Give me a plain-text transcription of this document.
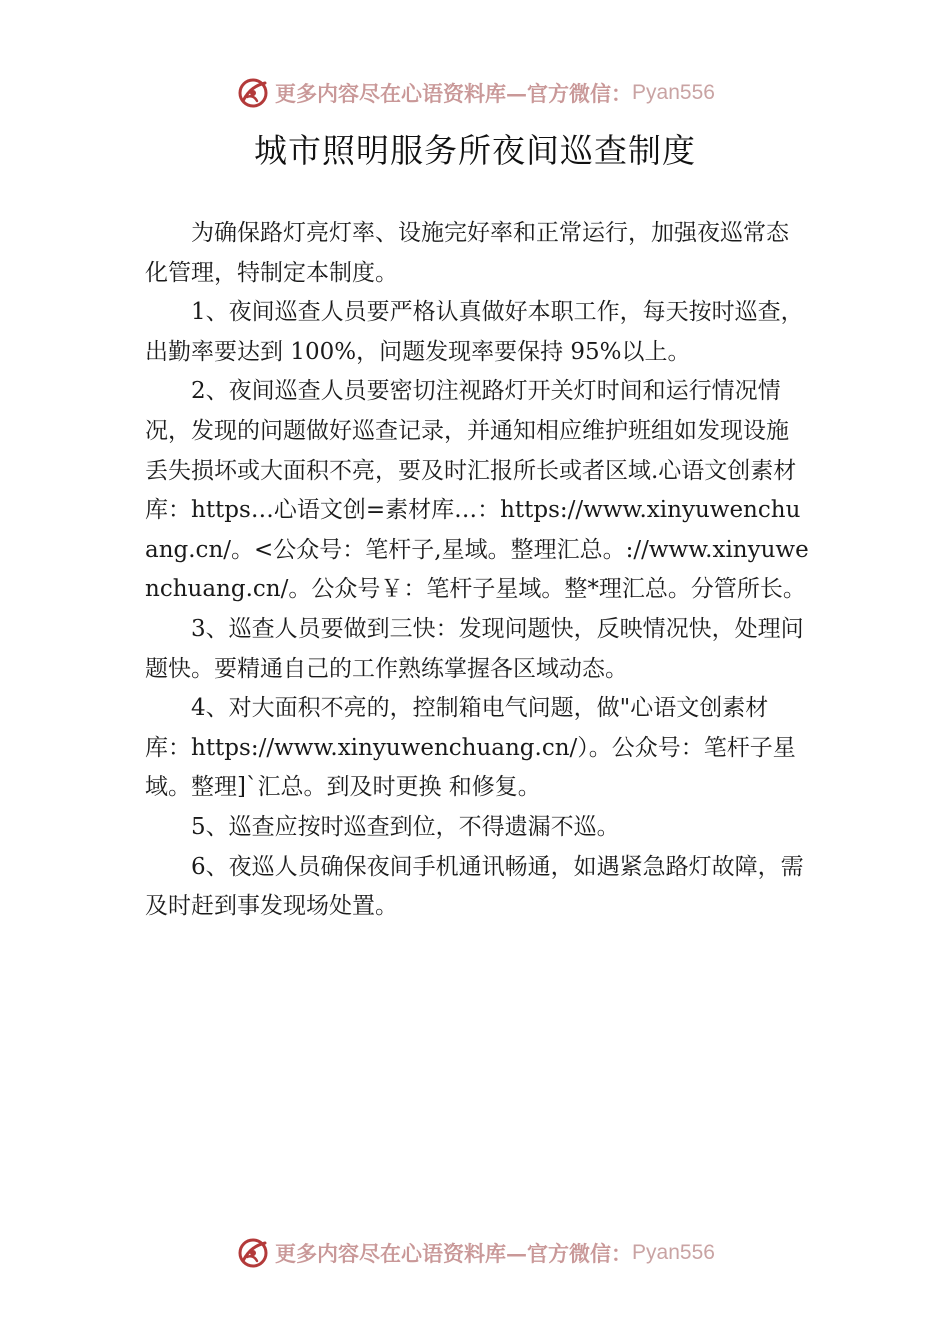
更多内容尽在心语资料库 — 官方微信： Pyan556
城市照明服务所夜间巡查制度

为确保路灯亮灯率、设施完好率和正常运行，加强夜巡常态化管理，特制定本制度。

1、夜间巡查人员要严格认真做好本职工作，每天按时巡查，出勤率要达到 100%，问题发现率要保持 95%以上。

2、夜间巡查人员要密切注视路灯开关灯时间和运行情况情况，发现的问题做好巡查记录，并通知相应维护班组如发现设施丢失损坏或大面积不亮，要及时汇报所长或者区域.心语文创素材库：https…心语文创=素材库…：https://www.xinyuwenchuang.cn/。<公众号：笔杆子,星域。整理汇总。://www.xinyuwenchuang.cn/。公众号￥：笔杆子星域。整*理汇总。分管所长。

3、巡查人员要做到三快：发现问题快，反映情况快，处理问题快。要精通自己的工作熟练掌握各区域动态。

4、对大面积不亮的，控制箱电气问题，做"心语文创素材库：https://www.xinyuwenchuang.cn/）。公众号：笔杆子星域。整理]`汇总。到及时更换 和修复。

5、巡查应按时巡查到位，不得遗漏不巡。

6、夜巡人员确保夜间手机通讯畅通，如遇紧急路灯故障，需及时赶到事发现场处置。

更多内容尽在心语资料库 — 官方微信： Pyan556
